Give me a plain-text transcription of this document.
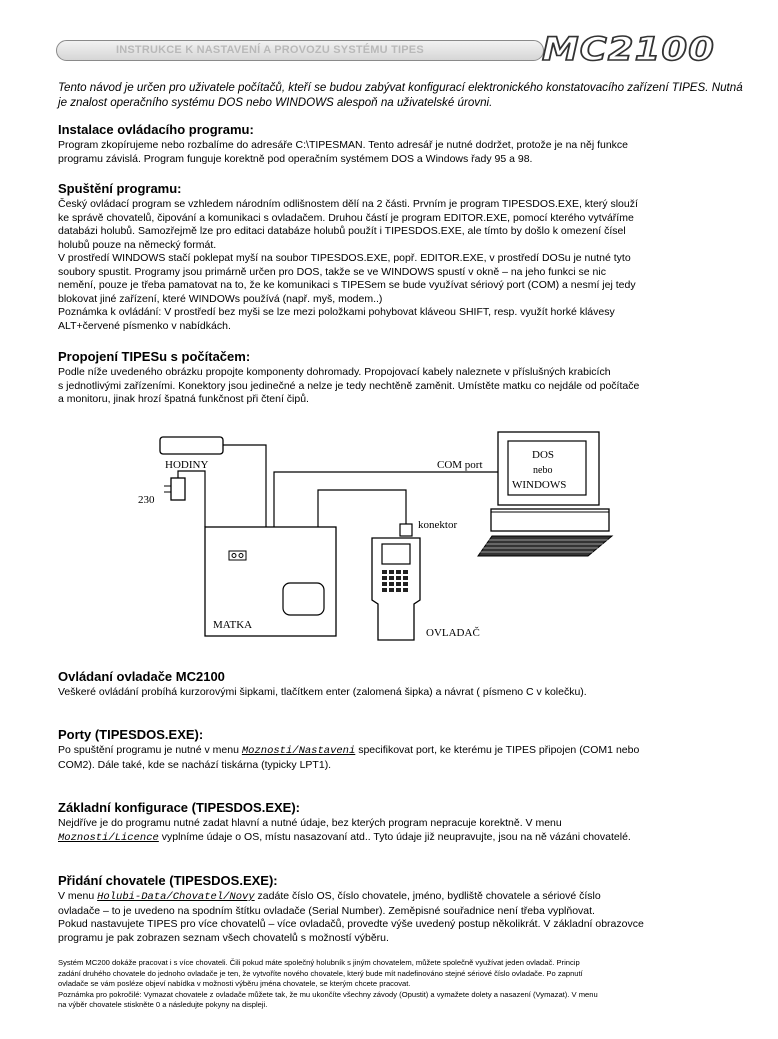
INSTRUKCE K NASTAVENÍ A PROVOZU SYSTÉMU TIPES	MC2100

Tento návod je určen pro uživatele počítačů, kteří se budou zabývat konfigurací elektronického konstatovacího zařízení TIPES. Nutná je znalost operačního systému DOS nebo WINDOWS alespoň na uživatelské úrovni.

Instalace ovládacího programu:

Program zkopírujeme nebo rozbalíme do adresáře C:\TIPESMAN. Tento adresář je nutné dodržet, protože je na něj funkce
programu závislá. Program funguje korektně pod operačním systémem DOS a Windows řady 95 a 98.

Spuštění programu:

Český ovládací program se vzhledem národním odlišnostem dělí na 2 části. Prvním je program TIPESDOS.EXE, který slouží
ke správě chovatelů, čipování a komunikaci s ovladačem. Druhou částí je program EDITOR.EXE, pomocí kterého vytváříme
databázi holubů. Samozřejmě lze pro editaci databáze holubů použít i TIPESDOS.EXE, ale tímto by došlo k omezení čísel
holubů pouze na německý formát.
V prostředí WINDOWS stačí poklepat myší na soubor TIPESDOS.EXE, popř. EDITOR.EXE, v prostředí DOSu je nutné tyto
soubory spustit. Programy jsou primárně určen pro DOS, takže se ve WINDOWS spustí v okně – na jeho funkci se nic
nemění, pouze je třeba pamatovat na to, že ke komunikaci s TIPESem se bude využívat sériový port (COM) a nesmí jej tedy
blokovat jiné zařízení, které WINDOWs používá (např. myš, modem..)
Poznámka k ovládání: V prostředí bez myši se lze mezi položkami pohybovat kláveou SHIFT, resp. využít horké klávesy
ALT+červené písmenko v nabídkách.

Propojení TIPESu s počítačem:

Podle níže uvedeného obrázku propojte komponenty dohromady. Propojovací kabely naleznete v příslušných krabicích
s jednotlivými zařízeními. Konektory jsou jedinečné a nelze je tedy nechtěně zaměnit. Umístěte matku co nejdále od počítače
a monitoru, jinak hrozí špatná funkčnost při čtení čipů.

HODINY
230
MATKA
COM port
DOS
nebo
WINDOWS
konektor
OVLADAČ
Ovládaní ovladače MC2100

Veškeré ovládání probíhá kurzorovými šipkami, tlačítkem enter (zalomená šipka) a návrat ( písmeno C v kolečku).

Porty (TIPESDOS.EXE):

Po spuštění programu je nutné v menu Moznosti/Nastaveni specifikovat port, ke kterému je TIPES připojen (COM1 nebo
COM2). Dále také, kde se nachází tiskárna (typicky LPT1).

Základní konfigurace (TIPESDOS.EXE):

Nejdříve je do programu nutné zadat hlavní a nutné údaje, bez kterých program nepracuje korektně. V menu
Moznosti/Licence vyplníme údaje o OS, místu nasazovaní atd.. Tyto údaje již neupravujte, jsou na ně vázáni chovatelé.

Přidání chovatele (TIPESDOS.EXE):

V menu Holubi-Data/Chovatel/Novy zadáte číslo OS, číslo chovatele, jméno, bydliště chovatele a sériové číslo
ovladače – to je uvedeno na spodním štítku ovladače (Serial Number). Zeměpisné souřadnice není třeba vyplňovat.
Pokud nastavujete TIPES pro více chovatelů – více ovladačů, provedte výše uvedený postup několikrát. V základní obrazovce
programu je pak zobrazen seznam všech chovatelů s možností výběru.

Systém MC200 dokáže pracovat i s více chovateli. Čili pokud máte společný holubník s jiným chovatelem, můžete společně využívat jeden ovladač. Princip
zadání druhého chovatele do jednoho ovladače je ten, že vytvoříte nového chovatele, který bude mít nadefinováno stejné sériové číslo ovladače. Po zapnutí
ovladače se vám posléze objeví nabídka v možnosti výběru jména chovatele, se kterým chcete pracovat.
Poznámka pro pokročilé: Vymazat chovatele z ovladače můžete tak, že mu ukončíte všechny závody (Opustit) a vymažete dolety a nasazení (Vymazat). V menu
na výběr chovatele stiskněte 0 a následujte pokyny na displeji.
